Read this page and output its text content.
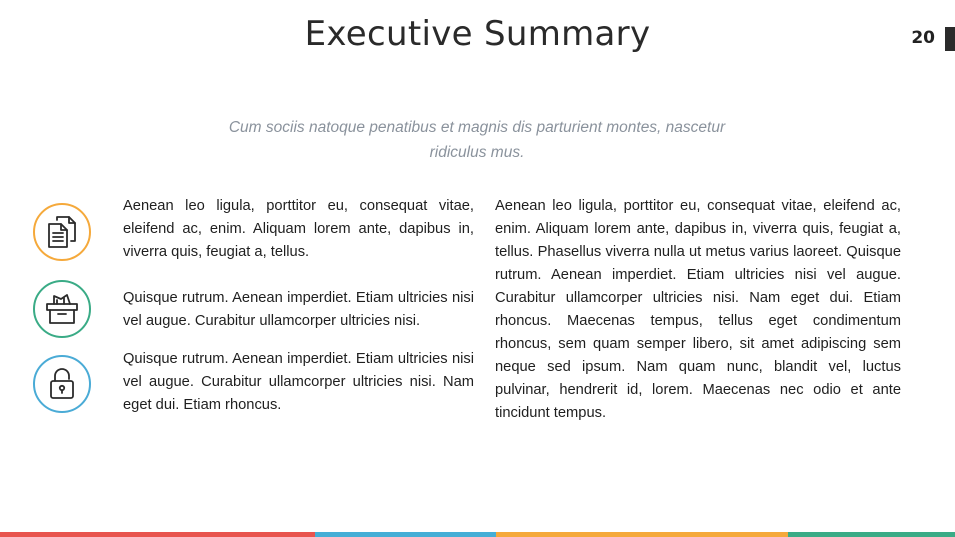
Executive Summary	20

Cum sociis natoque penatibus et magnis dis parturient montes, nascetur ridiculus mus.

Aenean leo ligula, porttitor eu, consequat vitae, eleifend ac, enim. Aliquam lorem ante, dapibus in, viverra quis, feugiat a, tellus.

Quisque rutrum. Aenean imperdiet. Etiam ultricies nisi vel augue. Curabitur ullamcorper ultricies nisi.

Quisque rutrum. Aenean imperdiet. Etiam ultricies nisi vel augue. Curabitur ullamcorper ultricies nisi. Nam eget dui. Etiam rhoncus.

Aenean leo ligula, porttitor eu, consequat vitae, eleifend ac, enim. Aliquam lorem ante, dapibus in, viverra quis, feugiat a, tellus. Phasellus viverra nulla ut metus varius laoreet. Quisque rutrum. Aenean imperdiet. Etiam ultricies nisi vel augue. Curabitur ullamcorper ultricies nisi. Nam eget dui. Etiam rhoncus. Maecenas tempus, tellus eget condimentum rhoncus, sem quam semper libero, sit amet adipiscing sem neque sed ipsum. Nam quam nunc, blandit vel, luctus pulvinar, hendrerit id, lorem. Maecenas nec odio et ante tincidunt tempus.
